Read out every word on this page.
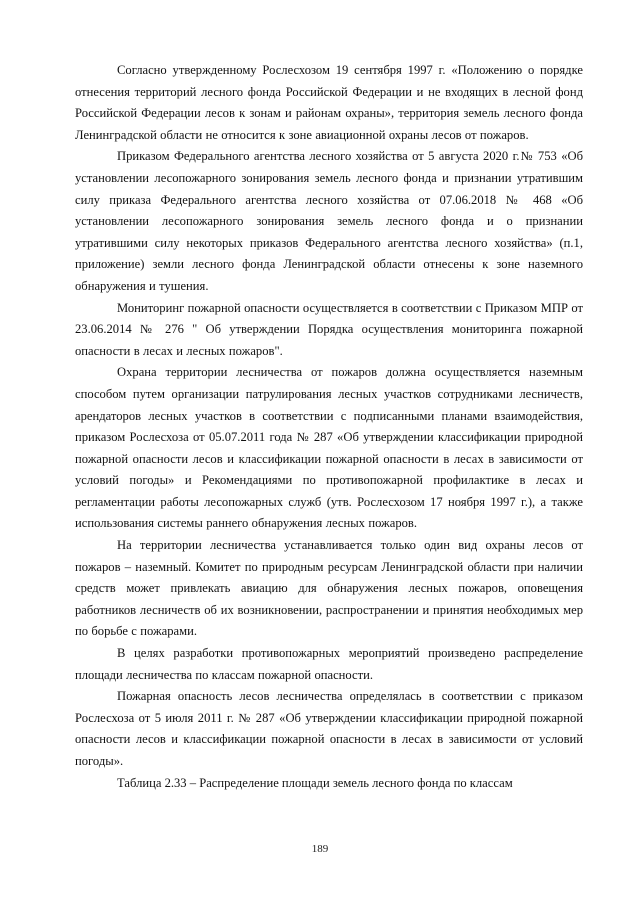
Согласно утвержденному Рослесхозом 19 сентября 1997 г. «Положению о порядке отнесения территорий лесного фонда Российской Федерации и не входящих в лесной фонд Российской Федерации лесов к зонам и районам охраны», территория земель лесного фонда Ленинградской области не относится к зоне авиационной охраны лесов от пожаров.

Приказом Федерального агентства лесного хозяйства от 5 августа 2020 г.№ 753 «Об установлении лесопожарного зонирования земель лесного фонда и признании утратившим силу приказа Федерального агентства лесного хозяйства от 07.06.2018 № 468 «Об установлении лесопожарного зонирования земель лесного фонда и о признании утратившими силу некоторых приказов Федерального агентства лесного хозяйства» (п.1, приложение) земли лесного фонда Ленинградской области отнесены к зоне наземного обнаружения и тушения.

Мониторинг пожарной опасности осуществляется в соответствии с Приказом МПР от 23.06.2014 № 276 " Об утверждении Порядка осуществления мониторинга пожарной опасности в лесах и лесных пожаров".

Охрана территории лесничества от пожаров должна осуществляется наземным способом путем организации патрулирования лесных участков сотрудниками лесничеств, арендаторов лесных участков в соответствии с подписанными планами взаимодействия, приказом Рослесхоза от 05.07.2011 года № 287 «Об утверждении классификации природной пожарной опасности лесов и классификации пожарной опасности в лесах в зависимости от условий погоды» и Рекомендациями по противопожарной профилактике в лесах и регламентации работы лесопожарных служб (утв. Рослесхозом 17 ноября 1997 г.), а также использования системы раннего обнаружения лесных пожаров.

На территории лесничества устанавливается только один вид охраны лесов от пожаров – наземный. Комитет по природным ресурсам Ленинградской области при наличии средств может привлекать авиацию для обнаружения лесных пожаров, оповещения работников лесничеств об их возникновении, распространении и принятия необходимых мер по борьбе с пожарами.

В целях разработки противопожарных мероприятий произведено распределение площади лесничества по классам пожарной опасности.

Пожарная опасность лесов лесничества определялась в соответствии с приказом Рослесхоза от 5 июля 2011 г. № 287 «Об утверждении классификации природной пожарной опасности лесов и классификации пожарной опасности в лесах в зависимости от условий погоды».

Таблица 2.33 – Распределение площади земель лесного фонда по классам

189
